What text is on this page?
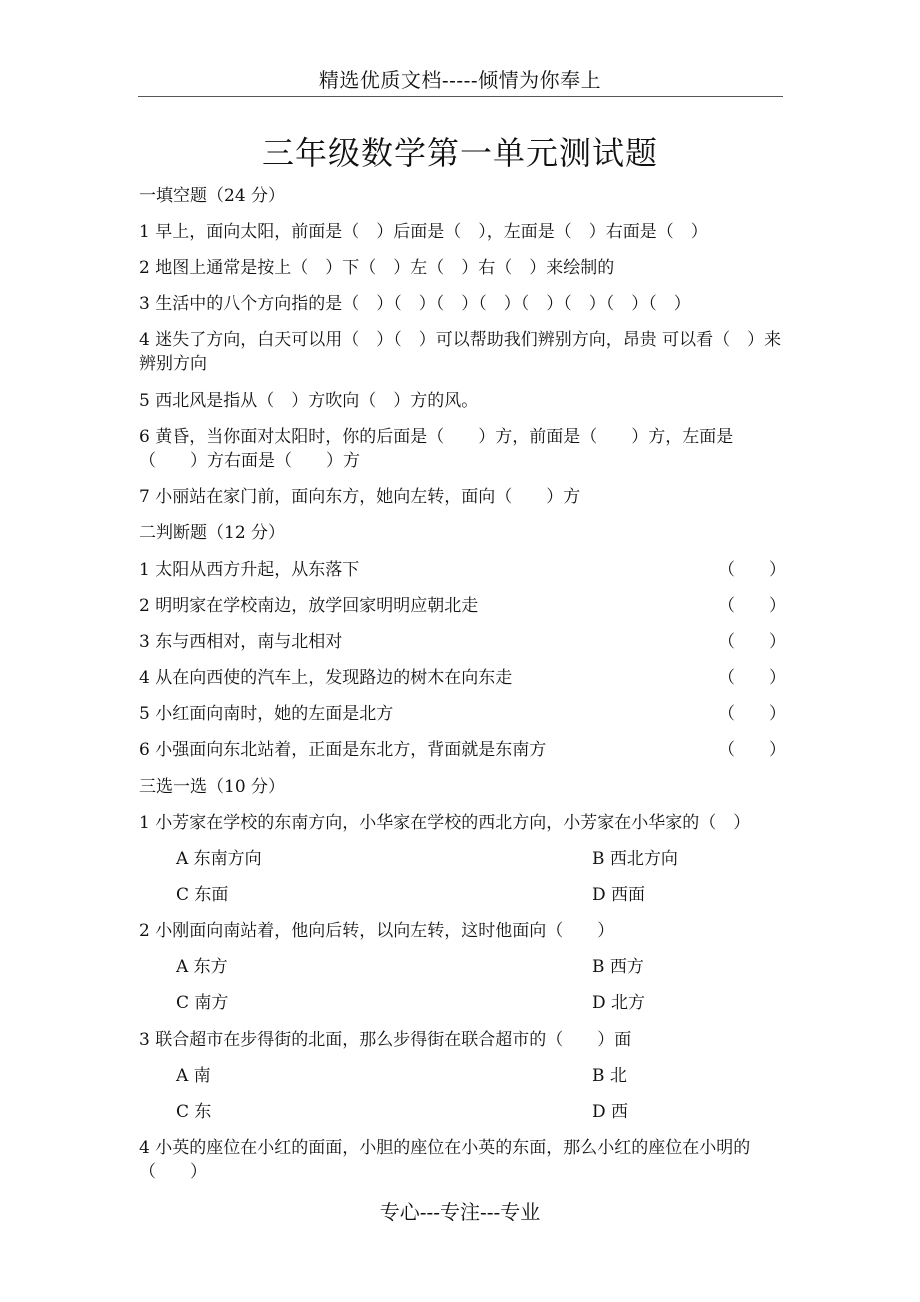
精选优质文档-----倾情为你奉上
三年级数学第一单元测试题
一填空题（24 分）
1 早上，面向太阳，前面是（　）后面是（　），左面是（　）右面是（　）
2 地图上通常是按上（　）下（　）左（　）右（　）来绘制的
3 生活中的八个方向指的是（　）（　）（　）（　）（　）（　）（　）（　）
4 迷失了方向，白天可以用（　）（　）可以帮助我们辨别方向，昂贵 可以看（　）来辨别方向
5 西北风是指从（　）方吹向（　）方的风。
6 黄昏，当你面对太阳时，你的后面是（　　）方，前面是（　　）方，左面是（　　）方右面是（　　）方
7 小丽站在家门前，面向东方，她向左转，面向（　　）方
二判断题（12 分）
1 太阳从西方升起，从东落下	（　　）
2 明明家在学校南边，放学回家明明应朝北走	（　　）
3 东与西相对，南与北相对	（　　）
4 从在向西使的汽车上，发现路边的树木在向东走	（　　）
5 小红面向南时，她的左面是北方	（　　）
6 小强面向东北站着，正面是东北方，背面就是东南方	（　　）
三选一选（10 分）
1 小芳家在学校的东南方向，小华家在学校的西北方向，小芳家在小华家的（　）
A 东南方向	B 西北方向
C 东面	D 西面
2 小刚面向南站着，他向后转，以向左转，这时他面向（　　）
A 东方	B 西方
C 南方	D 北方
3 联合超市在步得街的北面，那么步得街在联合超市的（　　）面
A 南	B 北
C 东	D 西
4 小英的座位在小红的面面，小胆的座位在小英的东面，那么小红的座位在小明的（　　）
专心---专注---专业
